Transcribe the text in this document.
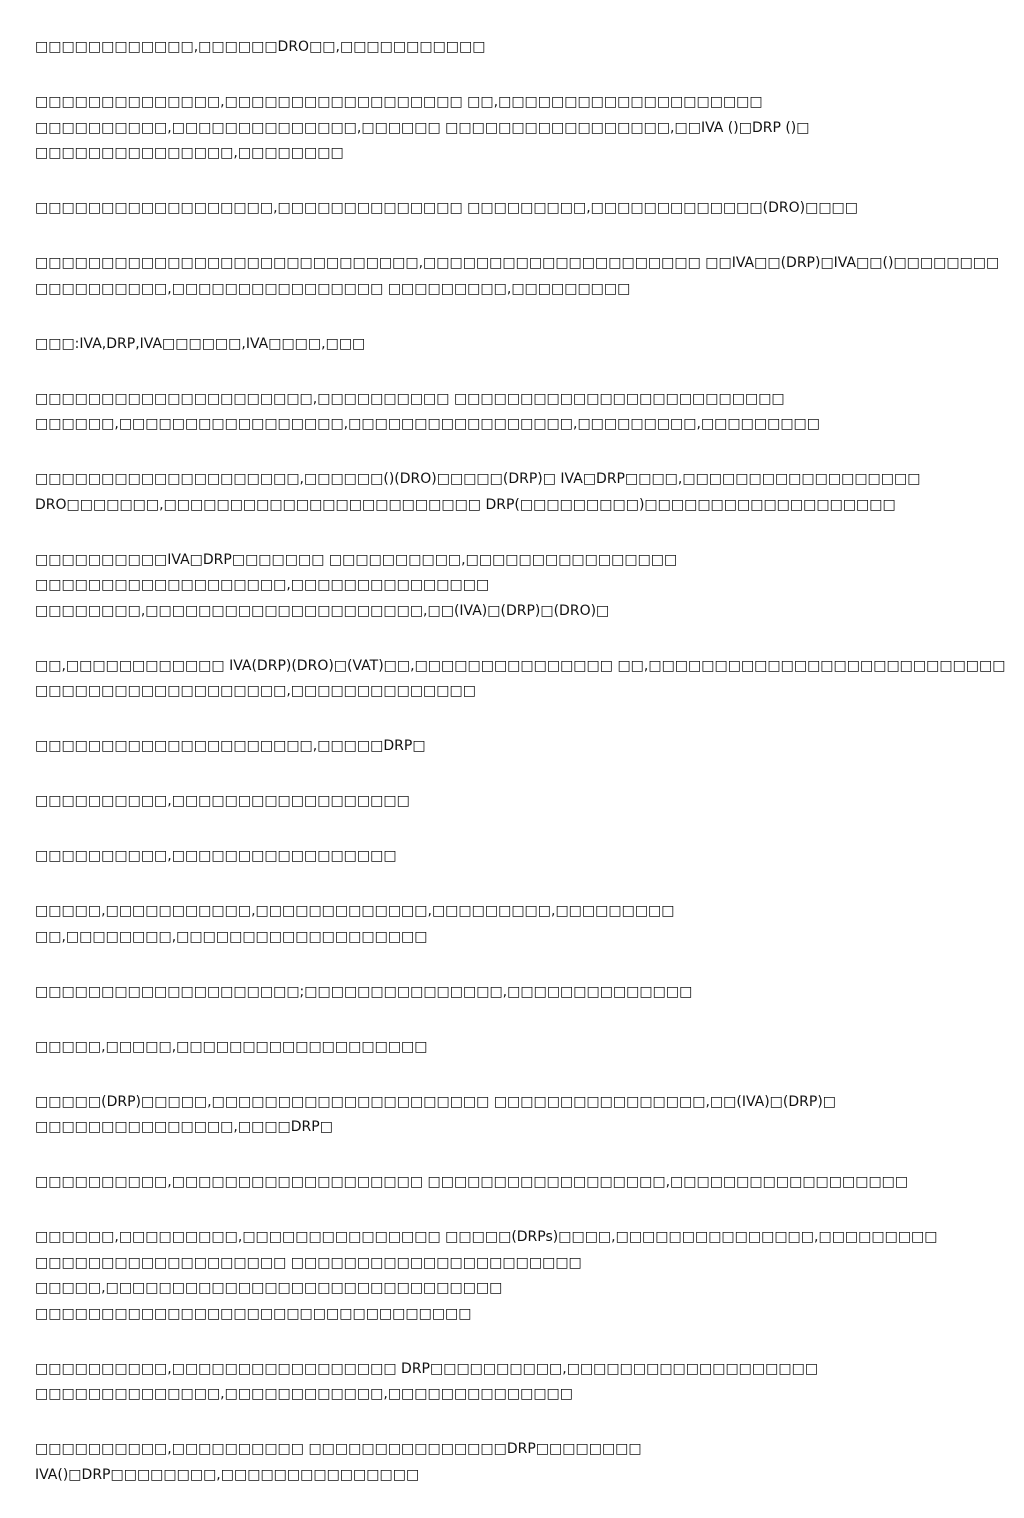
□□□□□□□□□□□□,□□□□□□DRO□□,□□□□□□□□□□□
□□□□□□□□□□□□□□,□□□□□□□□□□□□□□□□□□ □□,□□□□□□□□□□□□□□□□□□□□
□□□□□□□□□□,□□□□□□□□□□□□□□,□□□□□□ □□□□□□□□□□□□□□□□□,□□IVA ()□DRP ()□
□□□□□□□□□□□□□□□,□□□□□□□□
□□□□□□□□□□□□□□□□□□,□□□□□□□□□□□□□□ □□□□□□□□□,□□□□□□□□□□□□□(DRO)□□□□
□□□□□□□□□□□□□□□□□□□□□□□□□□□□□,□□□□□□□□□□□□□□□□□□□□□ □□IVA□□(DRP)□IVA□□()□□□□□□□□
□□□□□□□□□□,□□□□□□□□□□□□□□□□ □□□□□□□□□,□□□□□□□□□
□□□:IVA,DRP,IVA□□□□□□,IVA□□□□,□□□
□□□□□□□□□□□□□□□□□□□□□,□□□□□□□□□□ □□□□□□□□□□□□□□□□□□□□□□□□□
□□□□□□,□□□□□□□□□□□□□□□□□,□□□□□□□□□□□□□□□□□,□□□□□□□□□,□□□□□□□□□
□□□□□□□□□□□□□□□□□□□□,□□□□□□()(DRO)□□□□□(DRP)□ IVA□DRP□□□□,□□□□□□□□□□□□□□□□□□
DRO□□□□□□□,□□□□□□□□□□□□□□□□□□□□□□□□ DRP(□□□□□□□□□)□□□□□□□□□□□□□□□□□□□
□□□□□□□□□□IVA□DRP□□□□□□□ □□□□□□□□□□,□□□□□□□□□□□□□□□□
□□□□□□□□□□□□□□□□□□□,□□□□□□□□□□□□□□□
□□□□□□□□,□□□□□□□□□□□□□□□□□□□□□,□□(IVA)□(DRP)□(DRO)□
□□,□□□□□□□□□□□□ IVA(DRP)(DRO)□(VAT)□□,□□□□□□□□□□□□□□□ □□,□□□□□□□□□□□□□□□□□□□□□□□□□□□
□□□□□□□□□□□□□□□□□□□,□□□□□□□□□□□□□□
□□□□□□□□□□□□□□□□□□□□□,□□□□□DRP□
□□□□□□□□□□,□□□□□□□□□□□□□□□□□□
□□□□□□□□□□,□□□□□□□□□□□□□□□□□
□□□□□,□□□□□□□□□□□,□□□□□□□□□□□□□,□□□□□□□□□,□□□□□□□□□ □□,□□□□□□□□,□□□□□□□□□□□□□□□□□□□
□□□□□□□□□□□□□□□□□□□□;□□□□□□□□□□□□□□□,□□□□□□□□□□□□□□
□□□□□,□□□□□,□□□□□□□□□□□□□□□□□□□
□□□□□(DRP)□□□□□,□□□□□□□□□□□□□□□□□□□□□ □□□□□□□□□□□□□□□□,□□(IVA)□(DRP)□
□□□□□□□□□□□□□□□,□□□□DRP□
□□□□□□□□□□,□□□□□□□□□□□□□□□□□□□ □□□□□□□□□□□□□□□□□□,□□□□□□□□□□□□□□□□□□
□□□□□□,□□□□□□□□□,□□□□□□□□□□□□□□□ □□□□□(DRPs)□□□□,□□□□□□□□□□□□□□□,□□□□□□□□□
□□□□□□□□□□□□□□□□□□□ □□□□□□□□□□□□□□□□□□□□□□ □□□□□,□□□□□□□□□□□□□□□□□□□□□□□□□□□□□□
□□□□□□□□□□□□□□□□□□□□□□□□□□□□□□□□□
□□□□□□□□□□,□□□□□□□□□□□□□□□□□ DRP□□□□□□□□□□,□□□□□□□□□□□□□□□□□□□
□□□□□□□□□□□□□□,□□□□□□□□□□□□,□□□□□□□□□□□□□□
□□□□□□□□□□,□□□□□□□□□□ □□□□□□□□□□□□□□□DRP□□□□□□□□ IVA()□DRP□□□□□□□□,□□□□□□□□□□□□□□□
